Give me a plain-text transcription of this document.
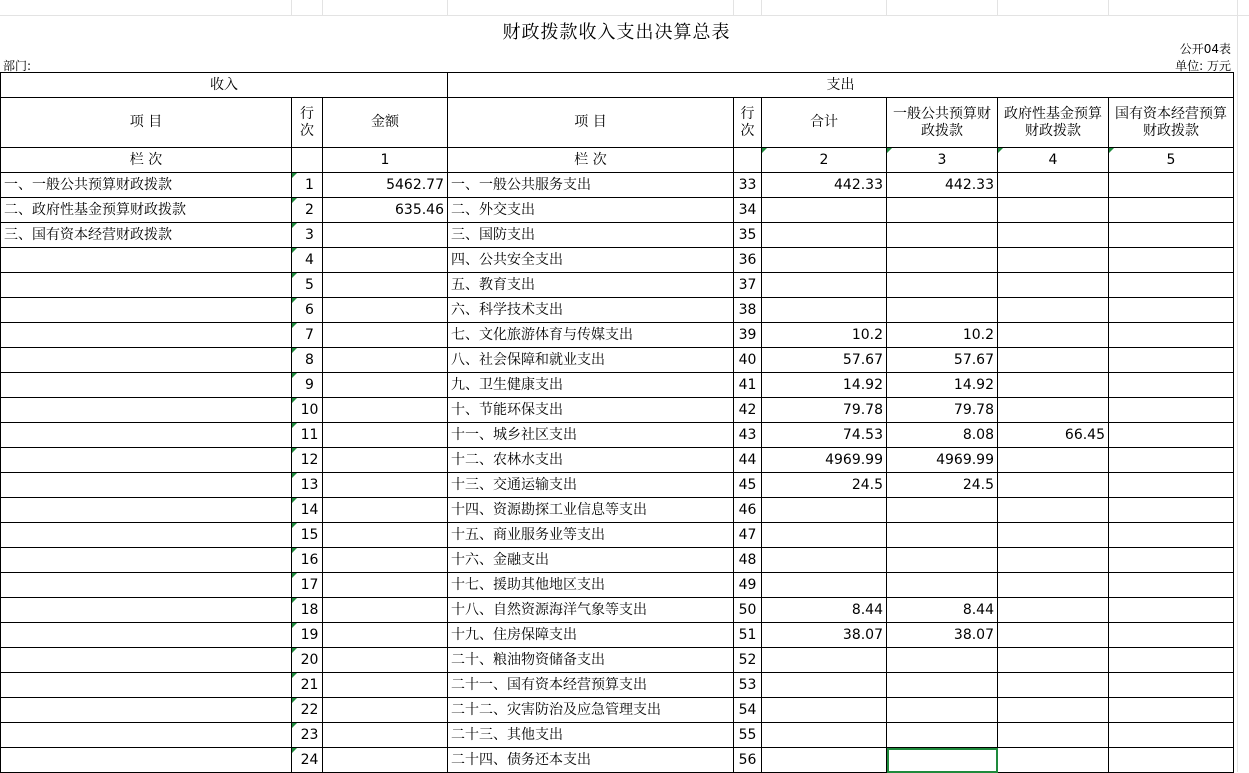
财政拨款收入支出决算总表
公开04表
部门:	单位: 万元
收入			支出					
项 目	行次	金额	项 目	行次	合计	一般公共预算财政拨款	政府性基金预算财政拨款	国有资本经营预算财政拨款
栏 次		1	栏 次		2	3	4	5
一、一般公共预算财政拨款	1	5462.77	一、一般公共服务支出	33	442.33	442.33		
二、政府性基金预算财政拨款	2	635.46	二、外交支出	34				
三、国有资本经营财政拨款	3		三、国防支出	35				
	4		四、公共安全支出	36				
	5		五、教育支出	37				
	6		六、科学技术支出	38				
	7		七、文化旅游体育与传媒支出	39	10.2	10.2		
	8		八、社会保障和就业支出	40	57.67	57.67		
	9		九、卫生健康支出	41	14.92	14.92		
	10		十、节能环保支出	42	79.78	79.78		
	11		十一、城乡社区支出	43	74.53	8.08	66.45	
	12		十二、农林水支出	44	4969.99	4969.99		
	13		十三、交通运输支出	45	24.5	24.5		
	14		十四、资源勘探工业信息等支出	46				
	15		十五、商业服务业等支出	47				
	16		十六、金融支出	48				
	17		十七、援助其他地区支出	49				
	18		十八、自然资源海洋气象等支出	50	8.44	8.44		
	19		十九、住房保障支出	51	38.07	38.07		
	20		二十、粮油物资储备支出	52				
	21		二十一、国有资本经营预算支出	53				
	22		二十二、灾害防治及应急管理支出	54				
	23		二十三、其他支出	55				
	24		二十四、债务还本支出	56				
